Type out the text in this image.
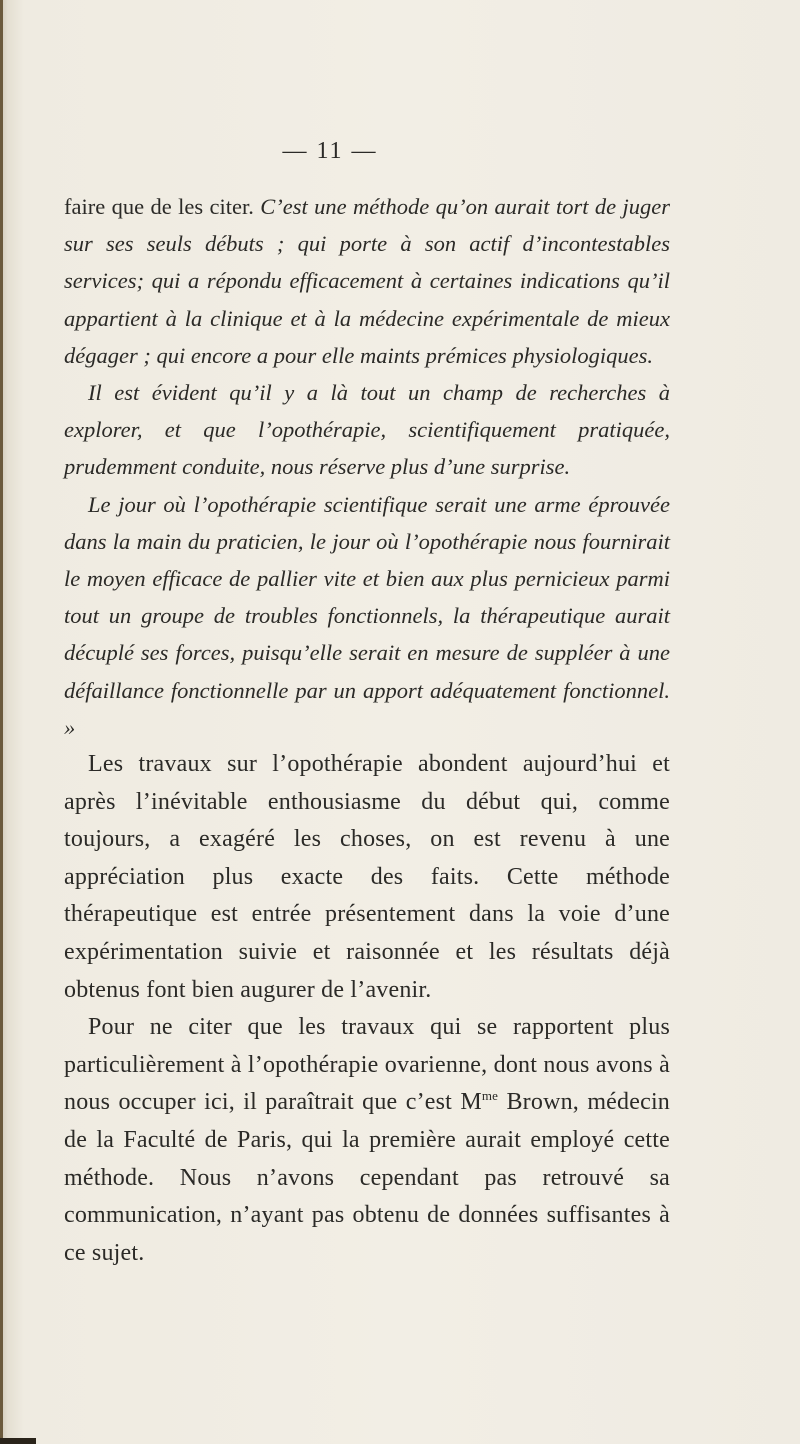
— 11 —

faire que de les citer. C’est une méthode qu’on aurait tort de juger sur ses seuls débuts ; qui porte à son actif d’incontestables services; qui a répondu efficacement à certaines indications qu’il appartient à la clinique et à la médecine expérimentale de mieux dégager ; qui encore a pour elle maints prémices physiologiques.

Il est évident qu’il y a là tout un champ de recherches à explorer, et que l’opothérapie, scientifiquement pratiquée, prudemment conduite, nous réserve plus d’une surprise.

Le jour où l’opothérapie scientifique serait une arme éprouvée dans la main du praticien, le jour où l’opothérapie nous fournirait le moyen efficace de pallier vite et bien aux plus pernicieux parmi tout un groupe de troubles fonctionnels, la thérapeutique aurait décuplé ses forces, puisqu’elle serait en mesure de suppléer à une défaillance fonctionnelle par un apport adéquatement fonctionnel. »

Les travaux sur l’opothérapie abondent aujourd’hui et après l’inévitable enthousiasme du début qui, comme toujours, a exagéré les choses, on est revenu à une appréciation plus exacte des faits. Cette méthode thérapeutique est entrée présentement dans la voie d’une expérimentation suivie et raisonnée et les résultats déjà obtenus font bien augurer de l’avenir.

Pour ne citer que les travaux qui se rapportent plus particulièrement à l’opothérapie ovarienne, dont nous avons à nous occuper ici, il paraîtrait que c’est $M^{me}$ Brown, médecin de la Faculté de Paris, qui la première aurait employé cette méthode. Nous n’avons cependant pas retrouvé sa communication, n’ayant pas obtenu de données suffisantes à ce sujet.
